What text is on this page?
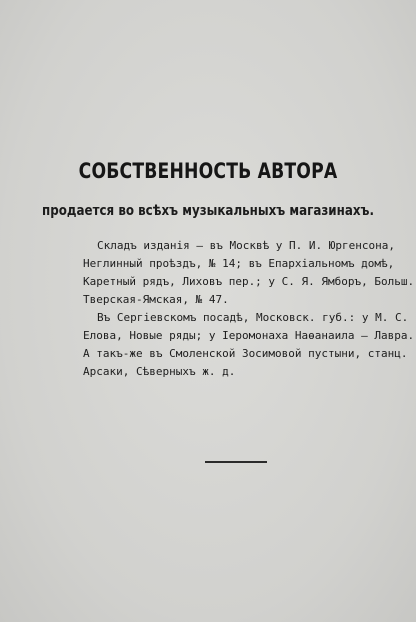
СОБСТВЕННОСТЬ АВТОРА
продается во всѣхъ музыкальныхъ магазинахъ.
Складъ изданія — въ Москвѣ у П. И. Юргенсона,
Неглинный проѣздъ, № 14; въ Епархіальномъ домѣ,
Каретный рядъ, Лиховъ пер.; у С. Я. Ямборъ, Больш.
Тверская-Ямская, № 47.
Въ Сергіевскомъ посадѣ, Московск. губ.: у М. С.
Елова, Новые ряды; у Іеромонаха Наѳанаила — Лавра.
А такъ-же въ Смоленской Зосимовой пустыни, станц.
Арсаки, Сѣверныхъ ж. д.
